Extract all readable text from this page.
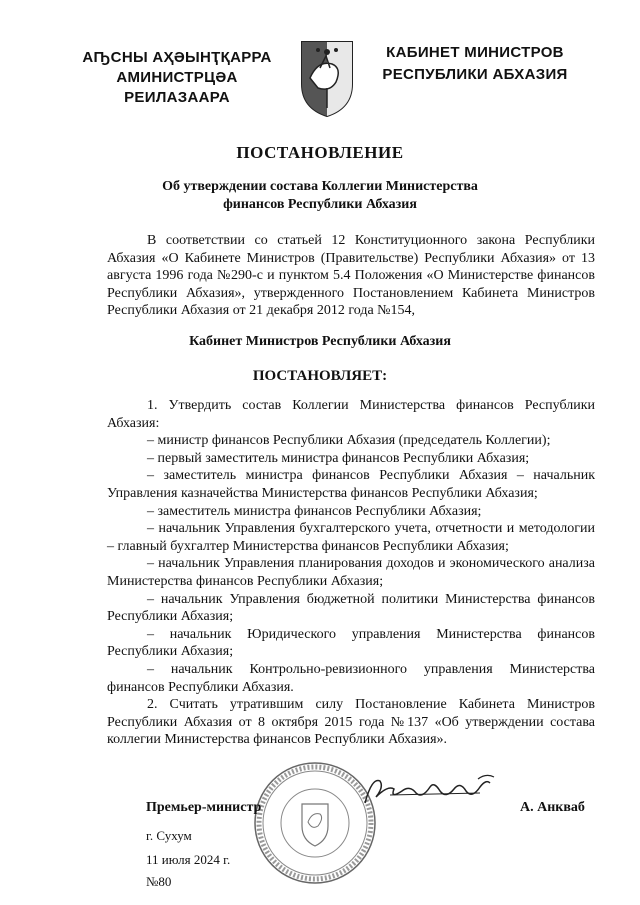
АҦСНЫ АҲӘЫНҬҚАРРА
АМИНИСТРЦӘА РЕИЛАЗААРА
КАБИНЕТ МИНИСТРОВ
РЕСПУБЛИКИ АБХАЗИЯ
ПОСТАНОВЛЕНИЕ
Об утверждении состава Коллегии Министерства
финансов Республики Абхазия
В соответствии со статьей 12 Конституционного закона Республики Абхазия «О Кабинете Министров (Правительстве) Республики Абхазия» от 13 августа 1996 года №290-с и пунктом 5.4 Положения «О Министерстве финансов Республики Абхазия», утвержденного Постановлением Кабинета Министров Республики Абхазия от 21 декабря 2012 года №154,
Кабинет Министров Республики Абхазия
ПОСТАНОВЛЯЕТ:

1. Утвердить состав Коллегии Министерства финансов Республики Абхазия:

– министр финансов Республики Абхазия (председатель Коллегии);

– первый заместитель министра финансов Республики Абхазия;

– заместитель министра финансов Республики Абхазия – начальник Управления казначейства Министерства финансов Республики Абхазия;

– заместитель министра финансов Республики Абхазия;

– начальник Управления бухгалтерского учета, отчетности и методологии – главный бухгалтер Министерства финансов Республики Абхазия;

– начальник Управления планирования доходов и экономического анализа Министерства финансов Республики Абхазия;

– начальник Управления бюджетной политики Министерства финансов Республики Абхазия;

– начальник Юридического управления Министерства финансов Республики Абхазия;

– начальник Контрольно-ревизионного управления Министерства финансов Республики Абхазия.

2. Считать утратившим силу Постановление Кабинета Министров Республики Абхазия от 8 октября 2015 года №137 «Об утверждении состава коллегии Министерства финансов Республики Абхазия».

Премьер-министр	А. Анкваб
г. Сухум
11 июля 2024 г.
№80
